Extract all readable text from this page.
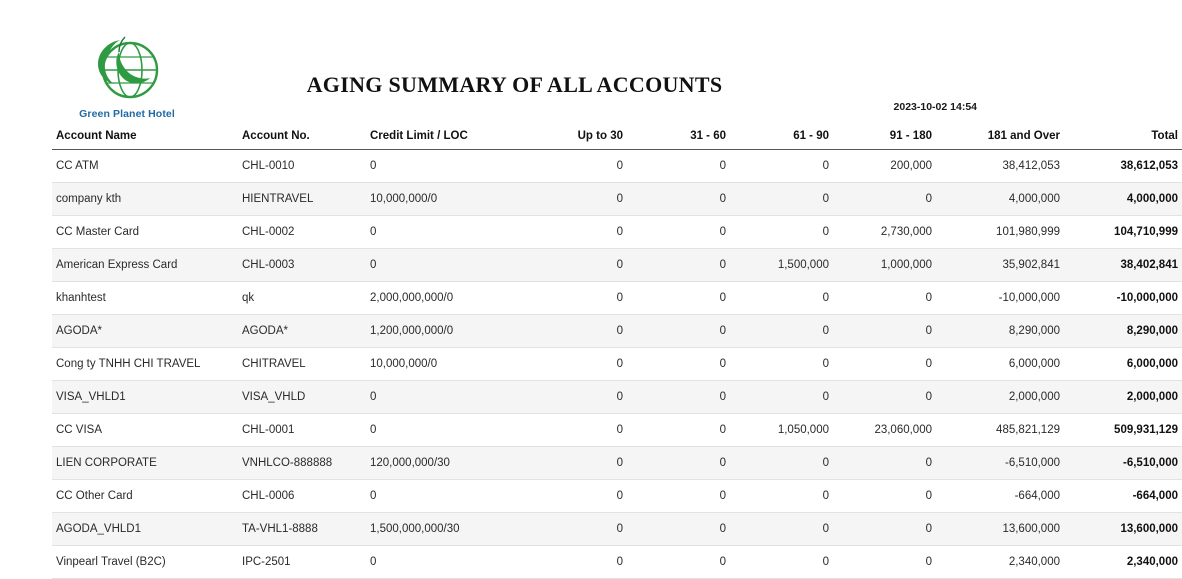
Green Planet Hotel
AGING SUMMARY OF ALL ACCOUNTS
2023-10-02 14:54
Account Name	Account No.	Credit Limit / LOC	Up to 30	31 - 60	61 - 90	91 - 180	181 and Over	Total
CC ATM	CHL-0010	0	0	0	0	200,000	38,412,053	38,612,053
company kth	HIENTRAVEL	10,000,000/0	0	0	0	0	4,000,000	4,000,000
CC Master Card	CHL-0002	0	0	0	0	2,730,000	101,980,999	104,710,999
American Express Card	CHL-0003	0	0	0	1,500,000	1,000,000	35,902,841	38,402,841
khanhtest	qk	2,000,000,000/0	0	0	0	0	-10,000,000	-10,000,000
AGODA*	AGODA*	1,200,000,000/0	0	0	0	0	8,290,000	8,290,000
Cong ty TNHH CHI TRAVEL	CHITRAVEL	10,000,000/0	0	0	0	0	6,000,000	6,000,000
VISA_VHLD1	VISA_VHLD	0	0	0	0	0	2,000,000	2,000,000
CC VISA	CHL-0001	0	0	0	1,050,000	23,060,000	485,821,129	509,931,129
LIEN CORPORATE	VNHLCO-888888	120,000,000/30	0	0	0	0	-6,510,000	-6,510,000
CC Other Card	CHL-0006	0	0	0	0	0	-664,000	-664,000
AGODA_VHLD1	TA-VHL1-8888	1,500,000,000/30	0	0	0	0	13,600,000	13,600,000
Vinpearl Travel (B2C)	IPC-2501	0	0	0	0	0	2,340,000	2,340,000
